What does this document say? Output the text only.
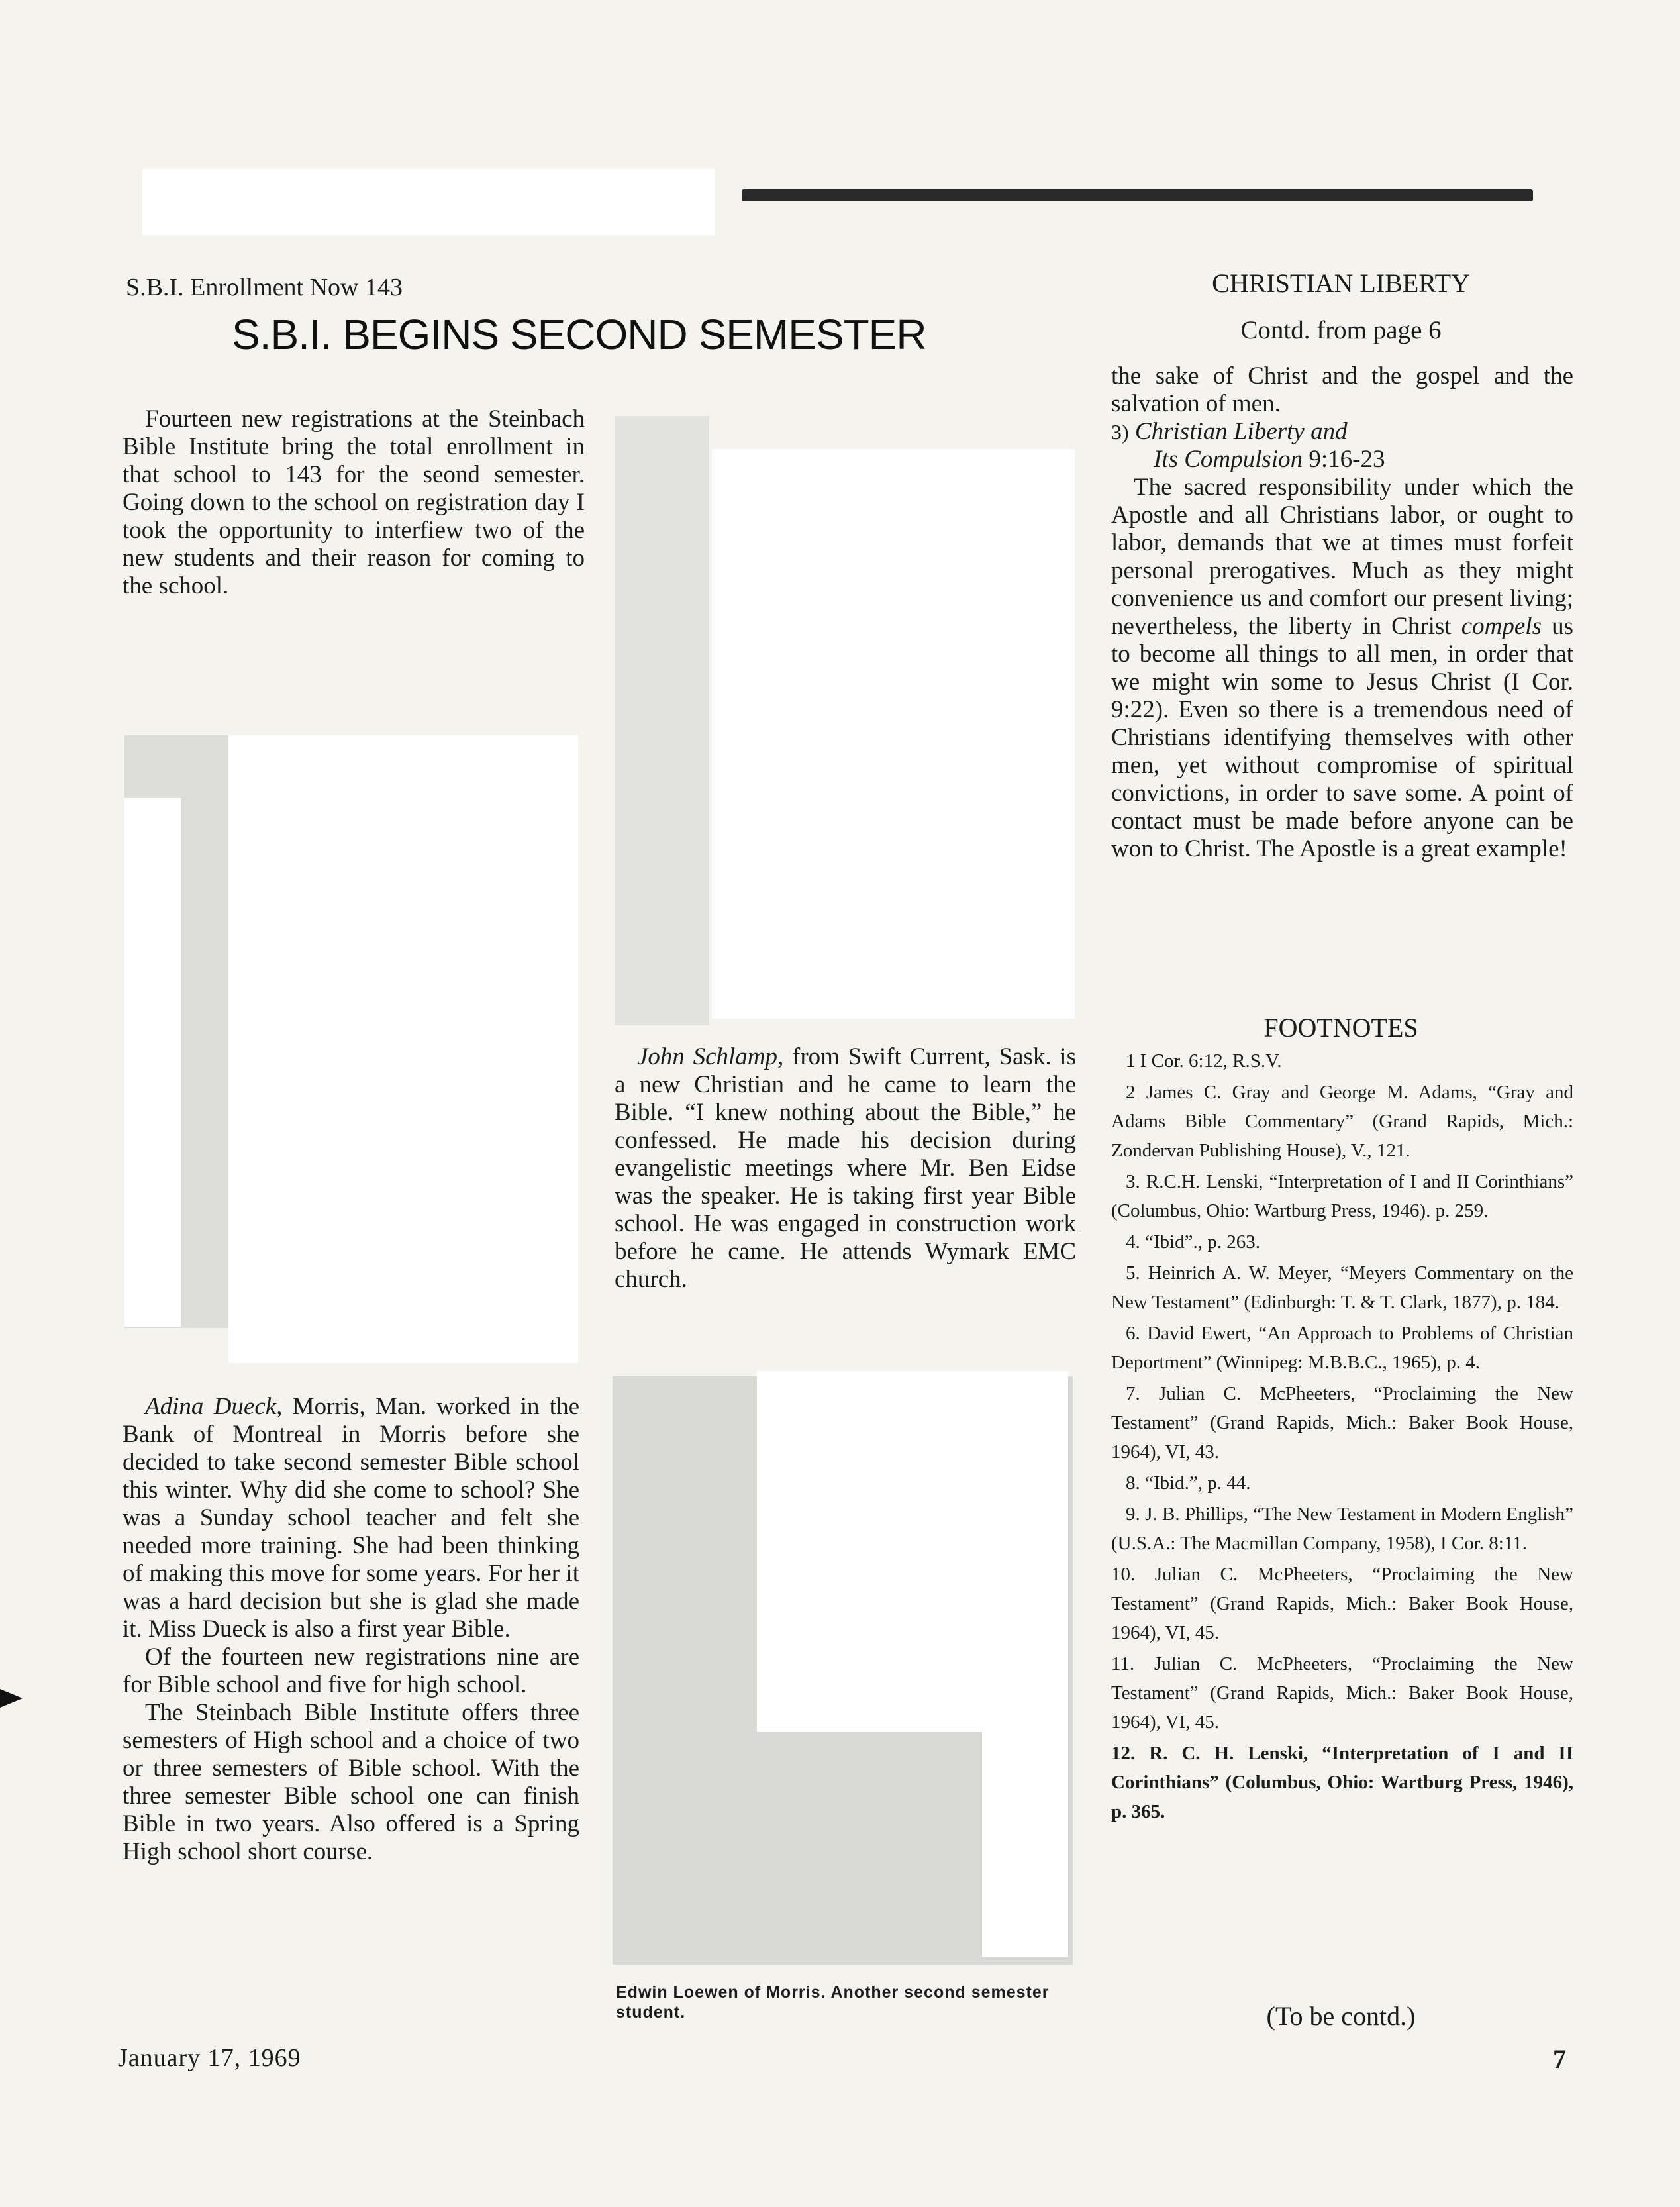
S.B.I. Enrollment Now 143
S.B.I. BEGINS SECOND SEMESTER

Fourteen new registrations at the Steinbach Bible Institute bring the total enrollment in that school to 143 for the seond semester. Going down to the school on registration day I took the opportunity to interfiew two of the new students and their reason for coming to the school.

Adina Dueck, Morris, Man. worked in the Bank of Montreal in Morris before she decided to take second semester Bible school this winter. Why did she come to school? She was a Sunday school teacher and felt she needed more training. She had been thinking of making this move for some years. For her it was a hard decision but she is glad she made it. Miss Dueck is also a first year Bible.

Of the fourteen new registrations nine are for Bible school and five for high school.

The Steinbach Bible Institute offers three semesters of High school and a choice of two or three semesters of Bible school. With the three semester Bible school one can finish Bible in two years. Also offered is a Spring High school short course.

January 17, 1969

John Schlamp, from Swift Current, Sask. is a new Christian and he came to learn the Bible. “I knew nothing about the Bible,” he confessed. He made his decision during evangelistic meetings where Mr. Ben Eidse was the speaker. He is taking first year Bible school. He was engaged in construction work before he came. He attends Wymark EMC church.

Edwin Loewen of Morris. Another second semester student.
CHRISTIAN LIBERTY
Contd. from page 6

the sake of Christ and the gospel and the salvation of men.

3) Christian Liberty and

Its Compulsion 9:16-23

The sacred responsibility under which the Apostle and all Christians labor, or ought to labor, demands that we at times must forfeit personal prerogatives. Much as they might convenience us and comfort our present living; nevertheless, the liberty in Christ compels us to become all things to all men, in order that we might win some to Jesus Christ (I Cor. 9:22). Even so there is a tremendous need of Christians identifying themselves with other men, yet without compromise of spiritual convictions, in order to save some. A point of contact must be made before anyone can be won to Christ. The Apostle is a great example!

FOOTNOTES

1 I Cor. 6:12, R.S.V.

2 James C. Gray and George M. Adams, “Gray and Adams Bible Commentary” (Grand Rapids, Mich.: Zondervan Publishing House), V., 121.

3. R.C.H. Lenski, “Interpretation of I and II Corinthians” (Columbus, Ohio: Wartburg Press, 1946). p. 259.

4. “Ibid”., p. 263.

5. Heinrich A. W. Meyer, “Meyers Commentary on the New Testament” (Edinburgh: T. & T. Clark, 1877), p. 184.

6. David Ewert, “An Approach to Problems of Christian Deportment” (Winnipeg: M.B.B.C., 1965), p. 4.

7. Julian C. McPheeters, “Proclaiming the New Testament” (Grand Rapids, Mich.: Baker Book House, 1964), VI, 43.

8. “Ibid.”, p. 44.

9. J. B. Phillips, “The New Testament in Modern English” (U.S.A.: The Macmillan Company, 1958), I Cor. 8:11.

10. Julian C. McPheeters, “Proclaiming the New Testament” (Grand Rapids, Mich.: Baker Book House, 1964), VI, 45.

11. Julian C. McPheeters, “Proclaiming the New Testament” (Grand Rapids, Mich.: Baker Book House, 1964), VI, 45.

12. R. C. H. Lenski, “Interpretation of I and II Corinthians” (Columbus, Ohio: Wartburg Press, 1946), p. 365.

(To be contd.)
7
